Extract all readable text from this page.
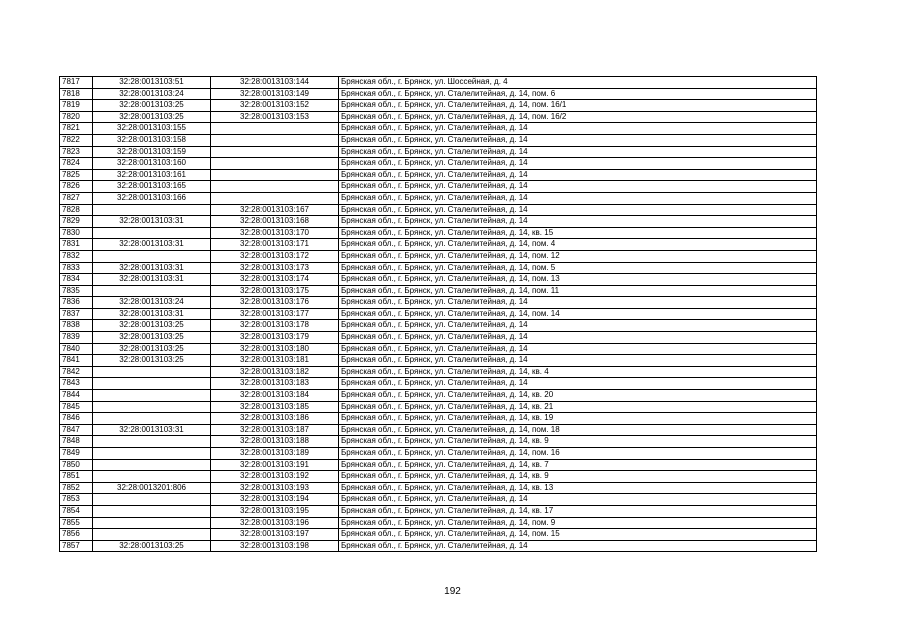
7817	32:28:0013103:51	32:28:0013103:144	Брянская обл., г. Брянск, ул. Шоссейная, д. 4
7818	32:28:0013103:24	32:28:0013103:149	Брянская обл., г. Брянск, ул. Сталелитейная, д. 14, пом. 6
7819	32:28:0013103:25	32:28:0013103:152	Брянская обл., г. Брянск, ул. Сталелитейная, д. 14, пом. 16/1
7820	32:28:0013103:25	32:28:0013103:153	Брянская обл., г. Брянск, ул. Сталелитейная, д. 14, пом. 16/2
7821	32:28:0013103:155		Брянская обл., г. Брянск, ул. Сталелитейная, д. 14
7822	32:28:0013103:158		Брянская обл., г. Брянск, ул. Сталелитейная, д. 14
7823	32:28:0013103:159		Брянская обл., г. Брянск, ул. Сталелитейная, д. 14
7824	32:28:0013103:160		Брянская обл., г. Брянск, ул. Сталелитейная, д. 14
7825	32:28:0013103:161		Брянская обл., г. Брянск, ул. Сталелитейная, д. 14
7826	32:28:0013103:165		Брянская обл., г. Брянск, ул. Сталелитейная, д. 14
7827	32:28:0013103:166		Брянская обл., г. Брянск, ул. Сталелитейная, д. 14
7828		32:28:0013103:167	Брянская обл., г. Брянск, ул. Сталелитейная, д. 14
7829	32:28:0013103:31	32:28:0013103:168	Брянская обл., г. Брянск, ул. Сталелитейная, д. 14
7830		32:28:0013103:170	Брянская обл., г. Брянск, ул. Сталелитейная, д. 14, кв. 15
7831	32:28:0013103:31	32:28:0013103:171	Брянская обл., г. Брянск, ул. Сталелитейная, д. 14, пом. 4
7832		32:28:0013103:172	Брянская обл., г. Брянск, ул. Сталелитейная, д. 14, пом. 12
7833	32:28:0013103:31	32:28:0013103:173	Брянская обл., г. Брянск, ул. Сталелитейная, д. 14, пом. 5
7834	32:28:0013103:31	32:28:0013103:174	Брянская обл., г. Брянск, ул. Сталелитейная, д. 14, пом. 13
7835		32:28:0013103:175	Брянская обл., г. Брянск, ул. Сталелитейная, д. 14, пом. 11
7836	32:28:0013103:24	32:28:0013103:176	Брянская обл., г. Брянск, ул. Сталелитейная, д. 14
7837	32:28:0013103:31	32:28:0013103:177	Брянская обл., г. Брянск, ул. Сталелитейная, д. 14, пом. 14
7838	32:28:0013103:25	32:28:0013103:178	Брянская обл., г. Брянск, ул. Сталелитейная, д. 14
7839	32:28:0013103:25	32:28:0013103:179	Брянская обл., г. Брянск, ул. Сталелитейная, д. 14
7840	32:28:0013103:25	32:28:0013103:180	Брянская обл., г. Брянск, ул. Сталелитейная, д. 14
7841	32:28:0013103:25	32:28:0013103:181	Брянская обл., г. Брянск, ул. Сталелитейная, д. 14
7842		32:28:0013103:182	Брянская обл., г. Брянск, ул. Сталелитейная, д. 14, кв. 4
7843		32:28:0013103:183	Брянская обл., г. Брянск, ул. Сталелитейная, д. 14
7844		32:28:0013103:184	Брянская обл., г. Брянск, ул. Сталелитейная, д. 14, кв. 20
7845		32:28:0013103:185	Брянская обл., г. Брянск, ул. Сталелитейная, д. 14, кв. 21
7846		32:28:0013103:186	Брянская обл., г. Брянск, ул. Сталелитейная, д. 14, кв. 19
7847	32:28:0013103:31	32:28:0013103:187	Брянская обл., г. Брянск, ул. Сталелитейная, д. 14, пом. 18
7848		32:28:0013103:188	Брянская обл., г. Брянск, ул. Сталелитейная, д. 14, кв. 9
7849		32:28:0013103:189	Брянская обл., г. Брянск, ул. Сталелитейная, д. 14, пом. 16
7850		32:28:0013103:191	Брянская обл., г. Брянск, ул. Сталелитейная, д. 14, кв. 7
7851		32:28:0013103:192	Брянская обл., г. Брянск, ул. Сталелитейная, д. 14, кв. 9
7852	32:28:0013201:806	32:28:0013103:193	Брянская обл., г. Брянск, ул. Сталелитейная, д. 14, кв. 13
7853		32:28:0013103:194	Брянская обл., г. Брянск, ул. Сталелитейная, д. 14
7854		32:28:0013103:195	Брянская обл., г. Брянск, ул. Сталелитейная, д. 14, кв. 17
7855		32:28:0013103:196	Брянская обл., г. Брянск, ул. Сталелитейная, д. 14, пом. 9
7856		32:28:0013103:197	Брянская обл., г. Брянск, ул. Сталелитейная, д. 14, пом. 15
7857	32:28:0013103:25	32:28:0013103:198	Брянская обл., г. Брянск, ул. Сталелитейная, д. 14
192
